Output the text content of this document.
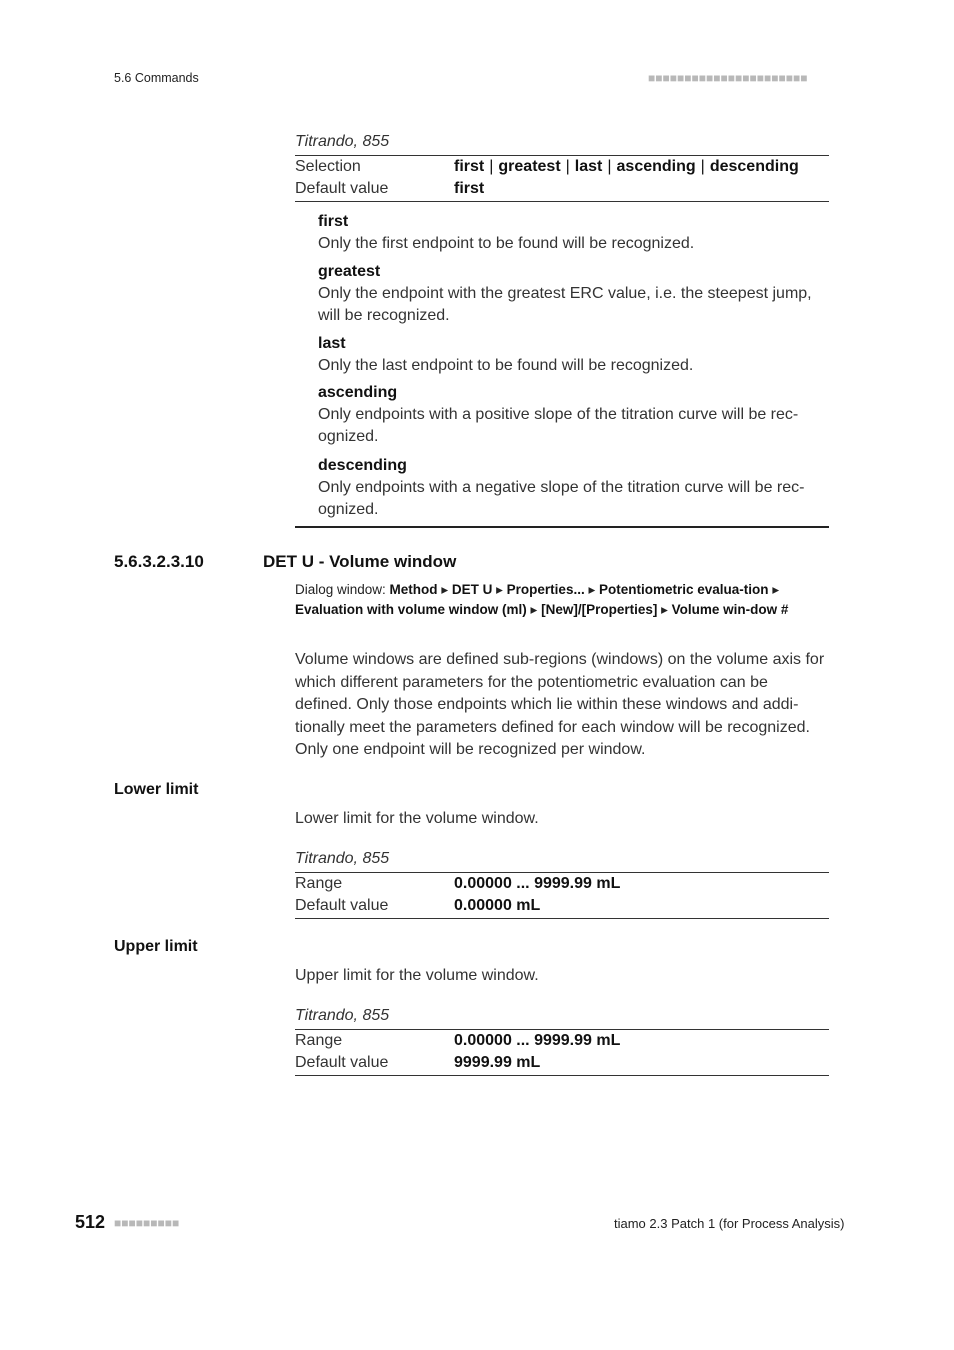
5.6 Commands	■■■■■■■■■■■■■■■■■■■■■■
Titrando, 855
Selection	first | greatest | last | ascending | descending
Default value	first
first
Only the first endpoint to be found will be recognized.
greatest
Only the endpoint with the greatest ERC value, i.e. the steepest jump, will be recognized.
last
Only the last endpoint to be found will be recognized.
ascending
Only endpoints with a positive slope of the titration curve will be rec-ognized.
descending
Only endpoints with a negative slope of the titration curve will be rec-ognized.
5.6.3.2.3.10	DET U - Volume window
Dialog window: Method ▸ DET U ▸ Properties... ▸ Potentiometric evalua-tion ▸ Evaluation with volume window (ml) ▸ [New]/[Properties] ▸ Volume win-dow #
Volume windows are defined sub-regions (windows) on the volume axis for which different parameters for the potentiometric evaluation can be defined. Only those endpoints which lie within these windows and addi-tionally meet the parameters defined for each window will be recognized. Only one endpoint will be recognized per window.
Lower limit
Lower limit for the volume window.
Titrando, 855
Range	0.00000 ... 9999.99 mL
Default value	0.00000 mL
Upper limit
Upper limit for the volume window.
Titrando, 855
Range	0.00000 ... 9999.99 mL
Default value	9999.99 mL
512 ■■■■■■■■■	tiamo 2.3 Patch 1 (for Process Analysis)
